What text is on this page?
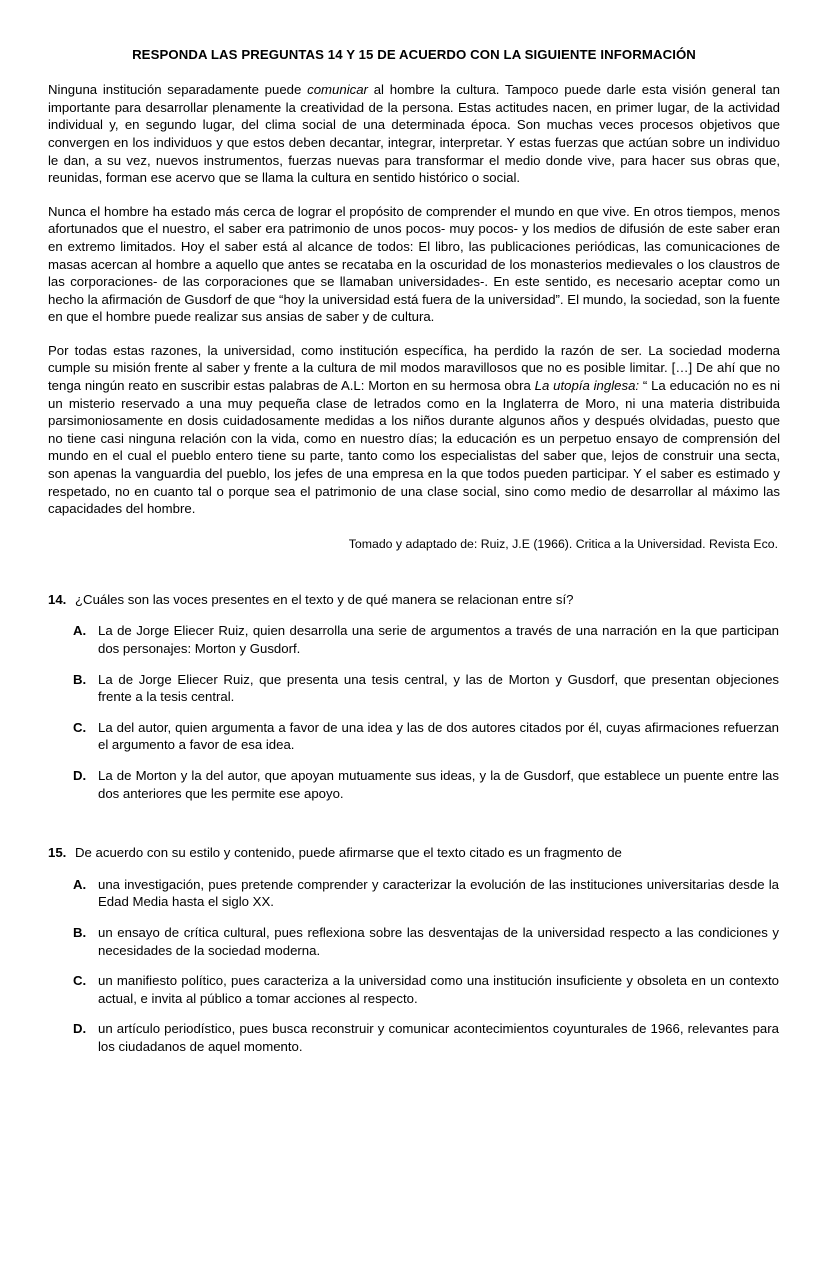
RESPONDA LAS PREGUNTAS 14 Y 15 DE ACUERDO CON LA SIGUIENTE INFORMACIÓN

Ninguna institución separadamente puede comunicar al hombre la cultura. Tampoco puede darle esta visión general tan importante para desarrollar plenamente la creatividad de la persona. Estas actitudes nacen, en primer lugar, de la actividad individual y, en segundo lugar, del clima social de una determinada época. Son muchas veces procesos objetivos que convergen en los individuos y que estos deben decantar, integrar, interpretar. Y estas fuerzas que actúan sobre un individuo le dan, a su vez, nuevos instrumentos, fuerzas nuevas para transformar el medio donde vive, para hacer sus obras que, reunidas, forman ese acervo que se llama la cultura en sentido histórico o social.

Nunca el hombre ha estado más cerca de lograr el propósito de comprender el mundo en que vive. En otros tiempos, menos afortunados que el nuestro, el saber era patrimonio de unos pocos- muy pocos- y los medios de difusión de este saber eran en extremo limitados. Hoy el saber está al alcance de todos: El libro, las publicaciones periódicas, las comunicaciones de masas acercan al hombre a aquello que antes se recataba en la oscuridad de los monasterios medievales o los claustros de las corporaciones- de las corporaciones que se llamaban universidades-. En este sentido, es necesario aceptar como un hecho la afirmación de Gusdorf de que “hoy la universidad está fuera de la universidad”. El mundo, la sociedad, son la fuente en que el hombre puede realizar sus ansias de saber y de cultura.

Por todas estas razones, la universidad, como institución específica, ha perdido la razón de ser. La sociedad moderna cumple su misión frente al saber y frente a la cultura de mil modos maravillosos que no es posible limitar. […] De ahí que no tenga ningún reato en suscribir estas palabras de A.L: Morton en su hermosa obra La utopía inglesa: “ La educación no es ni un misterio reservado a una muy pequeña clase de letrados como en la Inglaterra de Moro, ni una materia distribuida parsimoniosamente en dosis cuidadosamente medidas a los niños durante algunos años y después olvidadas, puesto que no tiene casi ninguna relación con la vida, como en nuestro días; la educación es un perpetuo ensayo de comprensión del mundo en el cual el pueblo entero tiene su parte, tanto como los especialistas del saber que, lejos de construir una secta, son apenas la vanguardia del pueblo, los jefes de una empresa en la que todos pueden participar. Y el saber es estimado y respetado, no en cuanto tal o porque sea el patrimonio de una clase social, sino como medio de desarrollar al máximo las capacidades del hombre.

Tomado y adaptado de: Ruiz, J.E (1966). Critica a la Universidad. Revista Eco.

14. ¿Cuáles son las voces presentes en el texto y de qué manera se relacionan entre sí?
A. La de Jorge Eliecer Ruiz, quien desarrolla una serie de argumentos a través de una narración en la que participan dos personajes: Morton y Gusdorf.
B. La de Jorge Eliecer Ruiz, que presenta una tesis central, y las de Morton y Gusdorf, que presentan objeciones frente a la tesis central.
C. La del autor, quien argumenta a favor de una idea y las de dos autores citados por él, cuyas afirmaciones refuerzan el argumento a favor de esa idea.
D. La de Morton y la del autor, que apoyan mutuamente sus ideas, y la de Gusdorf, que establece un puente entre las dos anteriores que les permite ese apoyo.
15. De acuerdo con su estilo y contenido, puede afirmarse que el texto citado es un fragmento de
A. una investigación, pues pretende comprender y caracterizar la evolución de las instituciones universitarias desde la Edad Media hasta el siglo XX.
B. un ensayo de crítica cultural, pues reflexiona sobre las desventajas de la universidad respecto a las condiciones y necesidades de la sociedad moderna.
C. un manifiesto político, pues caracteriza a la universidad como una institución insuficiente y obsoleta en un contexto actual, e invita al público a tomar acciones al respecto.
D. un artículo periodístico, pues busca reconstruir y comunicar acontecimientos coyunturales de 1966, relevantes para los ciudadanos de aquel momento.
